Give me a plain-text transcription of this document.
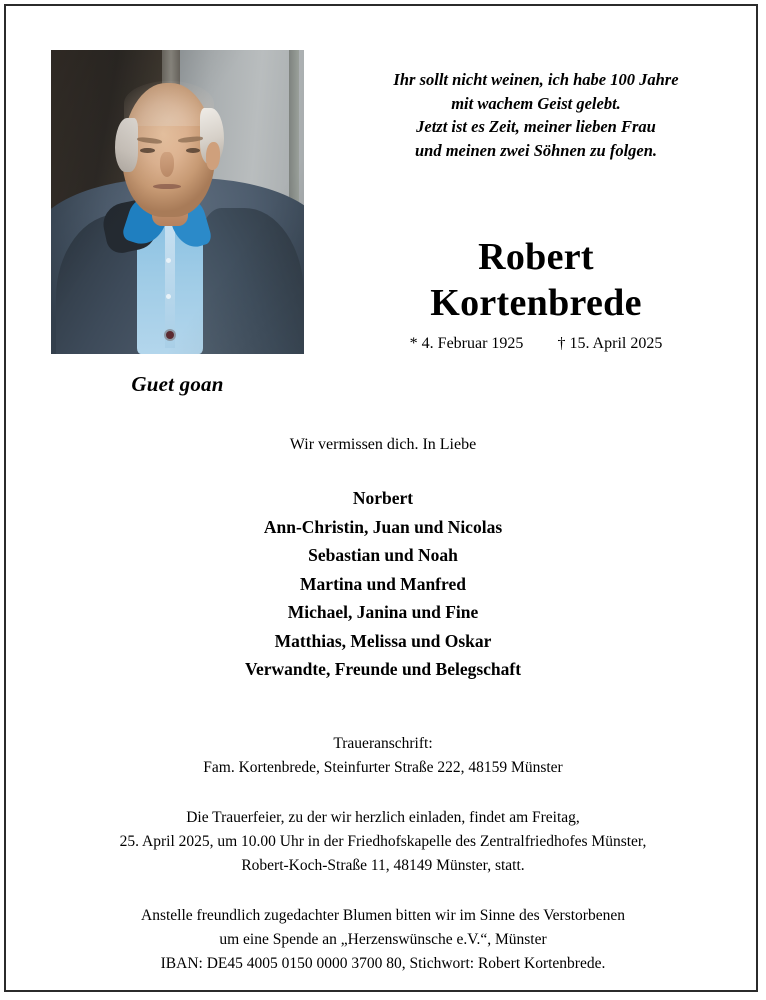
Guet goan
Ihr sollt nicht weinen, ich habe 100 Jahre
mit wachem Geist gelebt.
Jetzt ist es Zeit, meiner lieben Frau
und meinen zwei Söhnen zu folgen.
Robert
Kortenbrede
* 4. Februar 1925 † 15. April 2025
Wir vermissen dich. In Liebe
Norbert
Ann-Christin, Juan und Nicolas
Sebastian und Noah
Martina und Manfred
Michael, Janina und Fine
Matthias, Melissa und Oskar
Verwandte, Freunde und Belegschaft
Traueranschrift:
Fam. Kortenbrede, Steinfurter Straße 222, 48159 Münster
Die Trauerfeier, zu der wir herzlich einladen, findet am Freitag,
25. April 2025, um 10.00 Uhr in der Friedhofskapelle des Zentralfriedhofes Münster,
Robert-Koch-Straße 11, 48149 Münster, statt.
Anstelle freundlich zugedachter Blumen bitten wir im Sinne des Verstorbenen
um eine Spende an „Herzenswünsche e.V.“, Münster
IBAN: DE45 4005 0150 0000 3700 80, Stichwort: Robert Kortenbrede.
